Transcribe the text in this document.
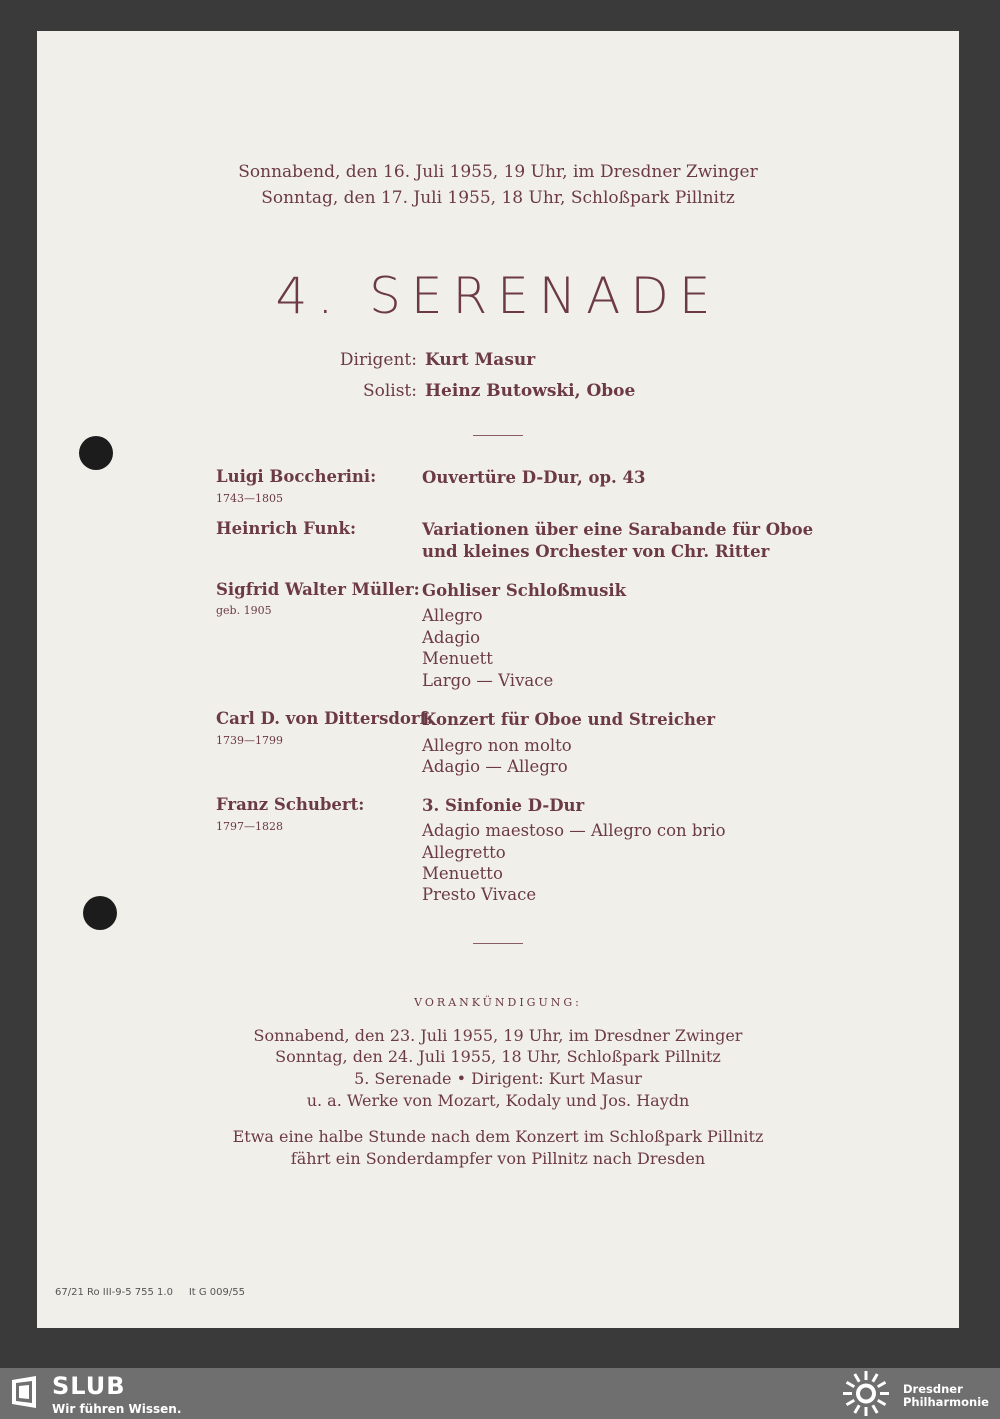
Sonnabend, den 16. Juli 1955, 19 Uhr, im Dresdner Zwinger
Sonntag, den 17. Juli 1955, 18 Uhr, Schloßpark Pillnitz
4. SERENADE
Dirigent: Kurt Masur
Solist: Heinz Butowski, Oboe
Luigi Boccherini:
1743—1805
Ouvertüre D-Dur, op. 43
Heinrich Funk:	Variationen über eine Sarabande für Oboe
und kleines Orchester von Chr. Ritter
Sigfrid Walter Müller:
geb. 1905
Gohliser Schloßmusik
Allegro
Adagio
Menuett
Largo — Vivace
Carl D. von Dittersdorf:
1739—1799
Konzert für Oboe und Streicher
Allegro non molto
Adagio — Allegro
Franz Schubert:
1797—1828
3. Sinfonie D-Dur
Adagio maestoso — Allegro con brio
Allegretto
Menuetto
Presto Vivace
VORANKÜNDIGUNG:
Sonnabend, den 23. Juli 1955, 19 Uhr, im Dresdner Zwinger
Sonntag, den 24. Juli 1955, 18 Uhr, Schloßpark Pillnitz
5. Serenade • Dirigent: Kurt Masur
u. a. Werke von Mozart, Kodaly und Jos. Haydn
Etwa eine halbe Stunde nach dem Konzert im Schloßpark Pillnitz
fährt ein Sonderdampfer von Pillnitz nach Dresden
67/21 Ro III-9-5 755 1.0     It G 009/55
SLUB
Wir führen Wissen.
Dresdner
Philharmonie
